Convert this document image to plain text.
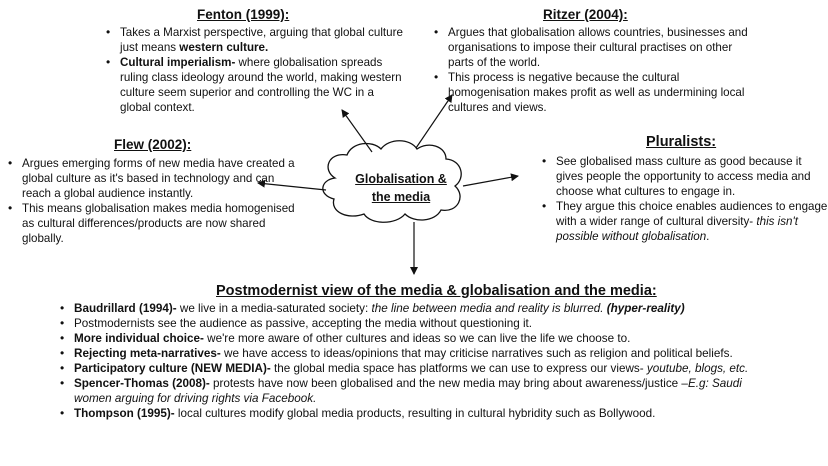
Globalisation &
the media
Fenton (1999):
• Takes a Marxist perspective, arguing that global culture just means western culture.
• Cultural imperialism- where globalisation spreads ruling class ideology around the world, making western culture seem superior and controlling the WC in a global context.
Ritzer (2004):
• Argues that globalisation allows countries, businesses and organisations to impose their cultural practises on other parts of the world.
• This process is negative because the cultural homogenisation makes profit as well as undermining local cultures and views.
Flew (2002):
• Argues emerging forms of new media have created a global culture as it's based in technology and can reach a global audience instantly.
• This means globalisation makes media homogenised as cultural differences/products are now shared globally.
Pluralists:
• See globalised mass culture as good because it gives people the opportunity to access media and choose what cultures to engage in.
• They argue this choice enables audiences to engage with a wider range of cultural diversity- this isn't possible without globalisation.
Postmodernist view of the media & globalisation and the media:
• Baudrillard (1994)- we live in a media-saturated society: the line between media and reality is blurred. (hyper-reality)
• Postmodernists see the audience as passive, accepting the media without questioning it.
• More individual choice- we're more aware of other cultures and ideas so we can live the life we choose to.
• Rejecting meta-narratives- we have access to ideas/opinions that may criticise narratives such as religion and political beliefs.
• Participatory culture (NEW MEDIA)- the global media space has platforms we can use to express our views- youtube, blogs, etc.
• Spencer-Thomas (2008)- protests have now been globalised and the new media may bring about awareness/justice –E.g: Saudi women arguing for driving rights via Facebook.
• Thompson (1995)- local cultures modify global media products, resulting in cultural hybridity such as Bollywood.
